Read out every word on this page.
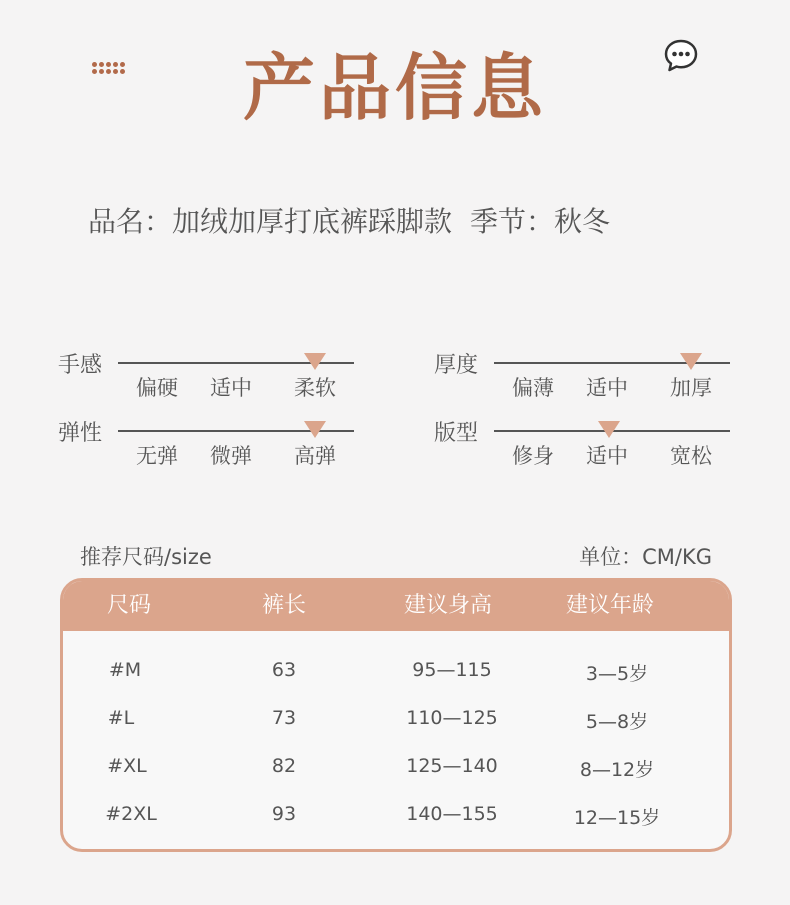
产品信息
品名：加绒加厚打底裤踩脚款 季节：秋冬
手感
偏硬 适中 柔软
厚度
偏薄 适中 加厚
弹性
无弹 微弹 高弹
版型
修身 适中 宽松
推荐尺码/size	单位：CM/KG
尺码	裤长	建议身高	建议年龄
#M	63	95—115	3—5岁
#L	73	110—125	5—8岁
#XL	82	125—140	8—12岁
#2XL	93	140—155	12—15岁
